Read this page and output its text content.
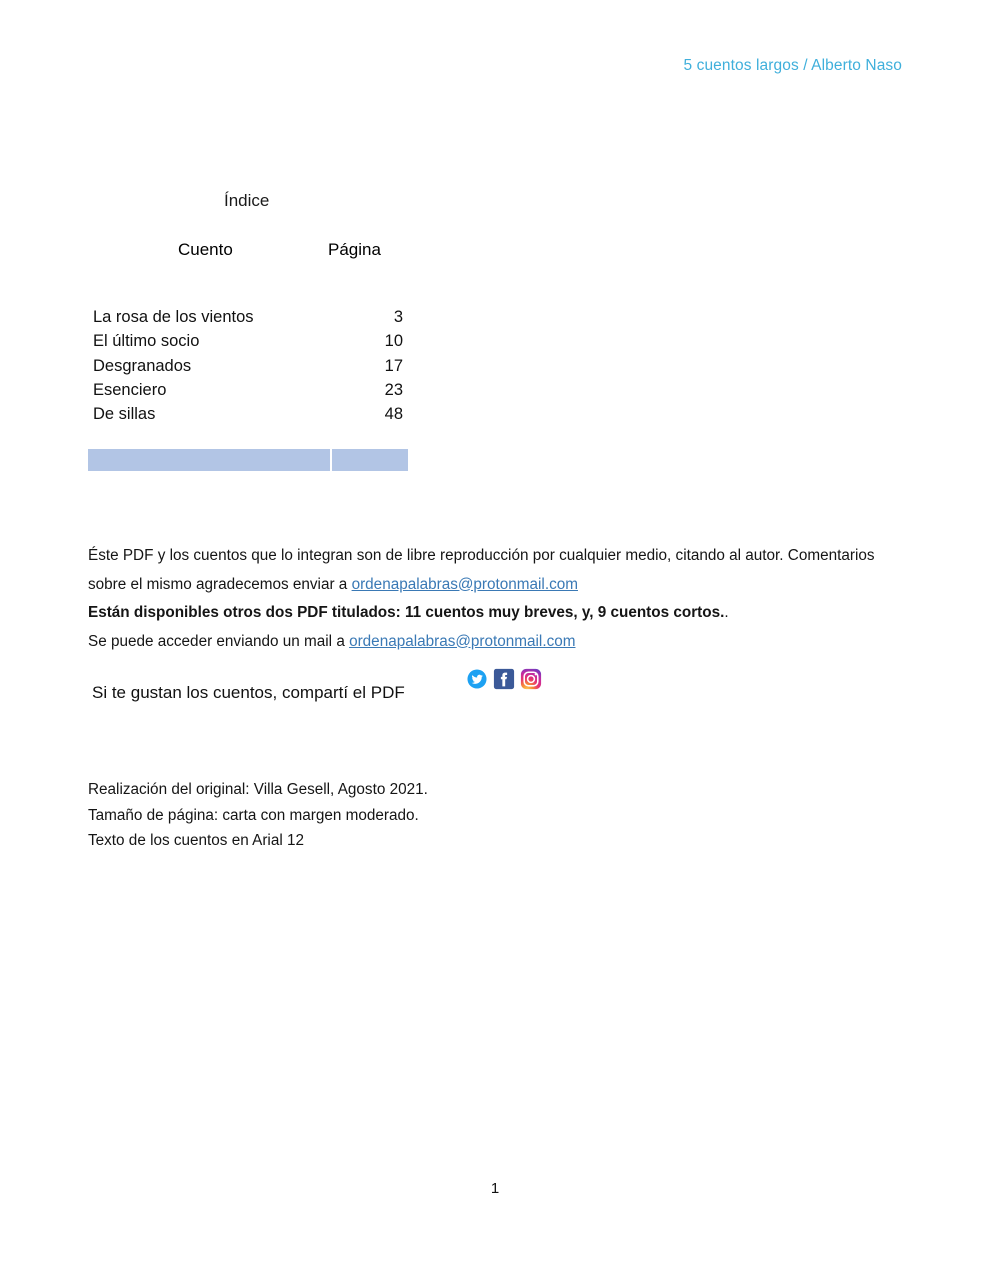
5 cuentos largos / Alberto Naso
Índice
Cuento	Página
La rosa de los vientos	3
El último socio	10
Desgranados	17
Esenciero	23
De sillas	48

Éste PDF y los cuentos que lo integran son de libre reproducción por cualquier medio, citando al autor. Comentarios sobre el mismo agradecemos enviar a ordenapalabras@protonmail.com

Están disponibles otros dos PDF titulados: 11 cuentos muy breves, y, 9 cuentos cortos..

Se puede acceder enviando un mail a ordenapalabras@protonmail.com

Si te gustan los cuentos, compartí el PDF

Realización del original: Villa Gesell, Agosto 2021.

Tamaño de página: carta con margen moderado.

Texto de los cuentos en Arial 12

1
